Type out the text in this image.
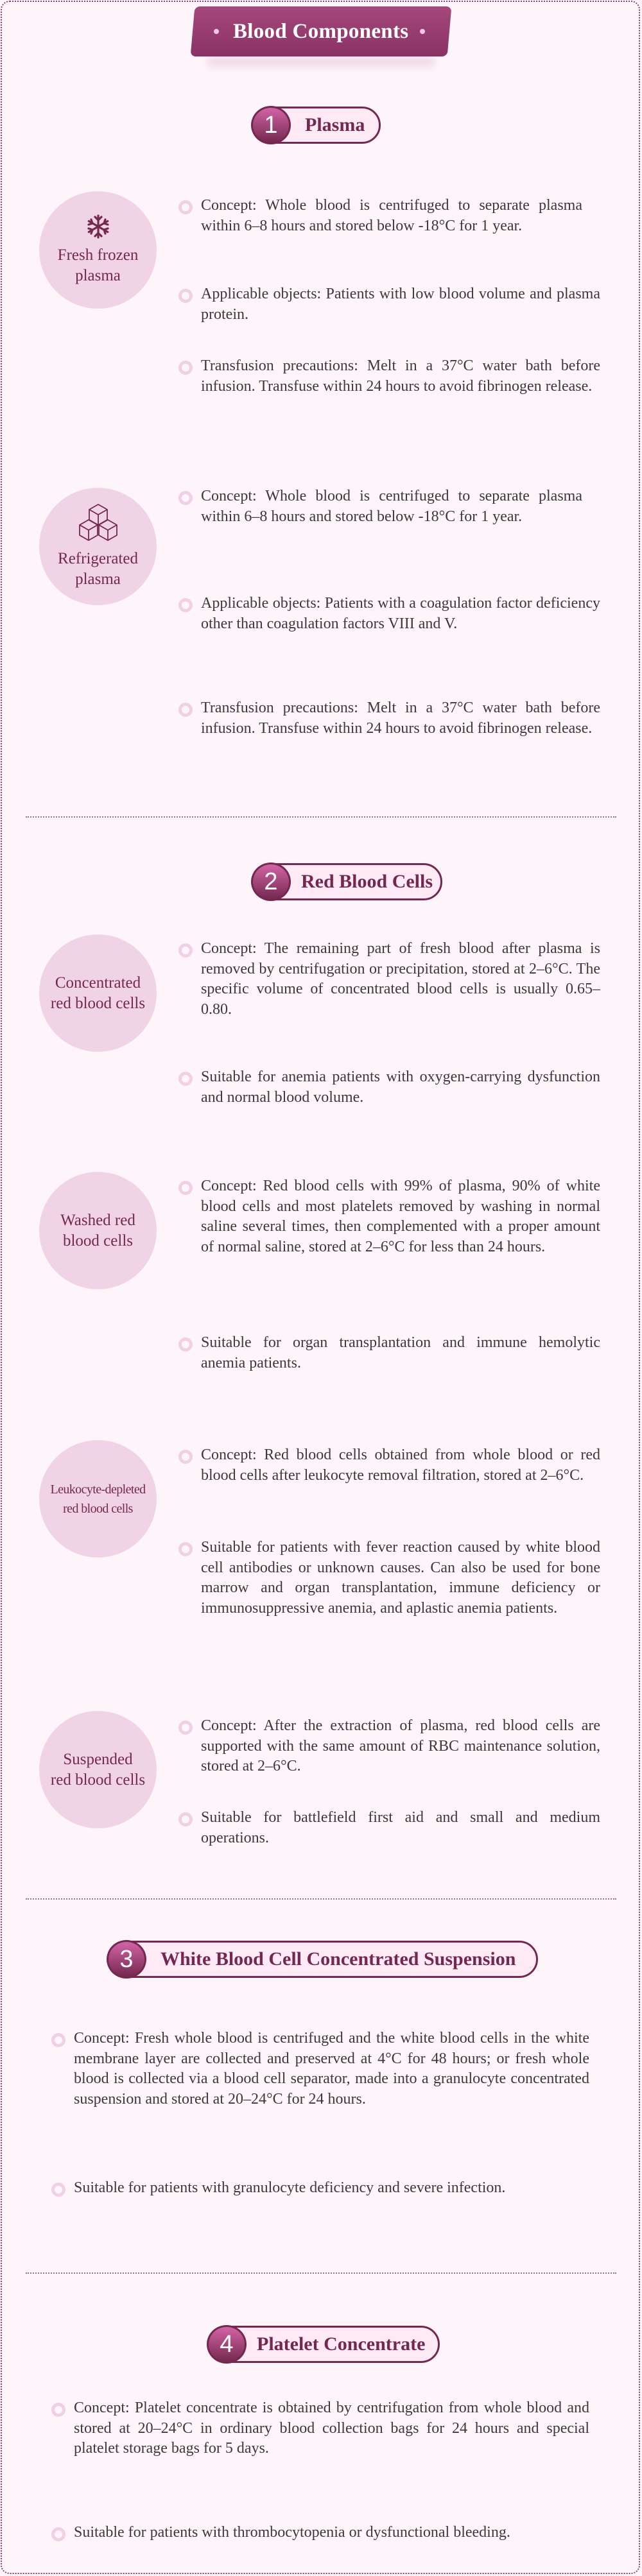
Blood Components
1	Plasma
Fresh frozen
plasma
Concept: Whole blood is centrifuged to separate plasma within 6–8 hours and stored below -18°C for 1 year.
Applicable objects: Patients with low blood volume and plasma protein.
Transfusion precautions: Melt in a 37°C water bath before infusion. Transfuse within 24 hours to avoid fibrinogen release.
Refrigerated
plasma
Concept: Whole blood is centrifuged to separate plasma within 6–8 hours and stored below -18°C for 1 year.
Applicable objects: Patients with a coagulation factor deficiency other than coagulation factors VIII and V.
Transfusion precautions: Melt in a 37°C water bath before infusion. Transfuse within 24 hours to avoid fibrinogen release.
2	Red Blood Cells
Concentrated
red blood cells
Concept: The remaining part of fresh blood after plasma is removed by centrifugation or precipitation, stored at 2–6°C. The specific volume of concentrated blood cells is usually 0.65–0.80.
Suitable for anemia patients with oxygen-carrying dysfunction and normal blood volume.
Washed red
blood cells
Concept: Red blood cells with 99% of plasma, 90% of white blood cells and most platelets removed by washing in normal saline several times, then complemented with a proper amount of normal saline, stored at 2–6°C for less than 24 hours.
Suitable for organ transplantation and immune hemolytic anemia patients.
Leukocyte-depleted
red blood cells
Concept: Red blood cells obtained from whole blood or red blood cells after leukocyte removal filtration, stored at 2–6°C.
Suitable for patients with fever reaction caused by white blood cell antibodies or unknown causes. Can also be used for bone marrow and organ transplantation, immune deficiency or immunosuppressive anemia, and aplastic anemia patients.
Suspended
red blood cells
Concept: After the extraction of plasma, red blood cells are supported with the same amount of RBC maintenance solution, stored at 2–6°C.
Suitable for battlefield first aid and small and medium operations.
3	White Blood Cell Concentrated Suspension
Concept: Fresh whole blood is centrifuged and the white blood cells in the white membrane layer are collected and preserved at 4°C for 48 hours; or fresh whole blood is collected via a blood cell separator, made into a granulocyte concentrated suspension and stored at 20–24°C for 24 hours.
Suitable for patients with granulocyte deficiency and severe infection.
4	Platelet Concentrate
Concept: Platelet concentrate is obtained by centrifugation from whole blood and stored at 20–24°C in ordinary blood collection bags for 24 hours and special platelet storage bags for 5 days.
Suitable for patients with thrombocytopenia or dysfunctional bleeding.
